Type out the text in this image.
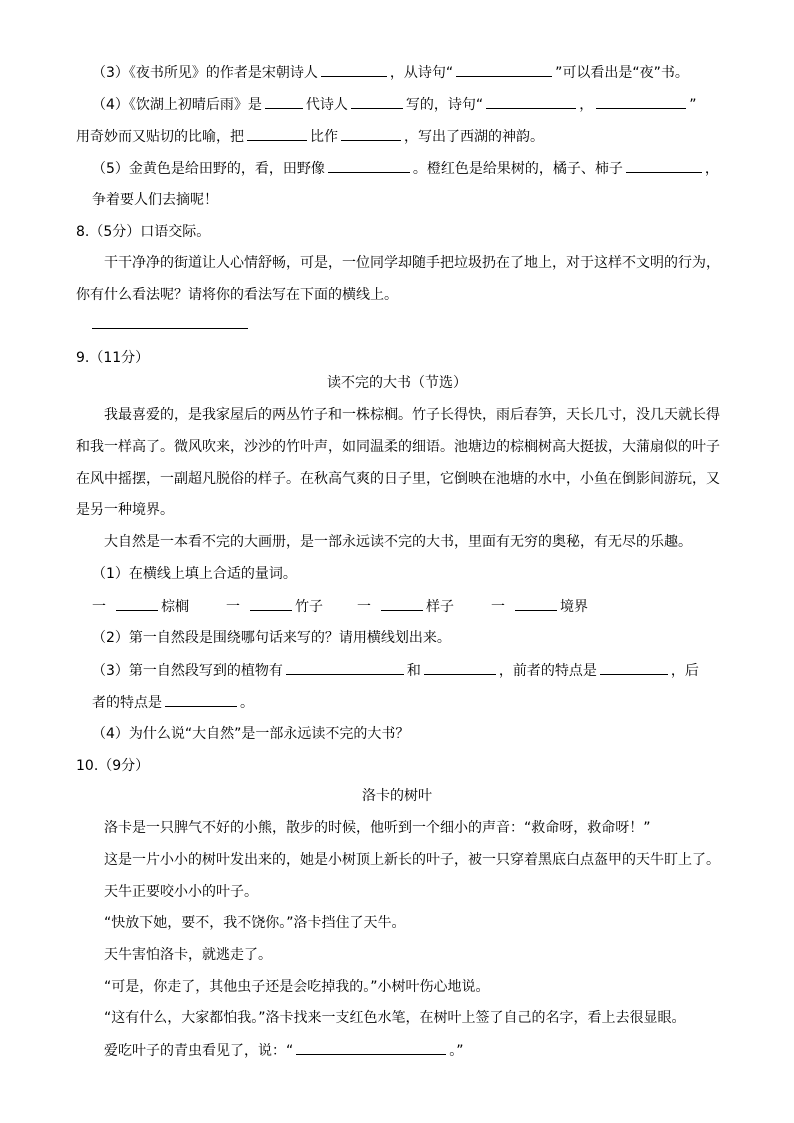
（3）《夜书所见》的作者是宋朝诗人	，从诗句“	”可以看出是“夜”书。
（4）《饮湖上初晴后雨》是	代诗人	写的，诗句“	，	”
用奇妙而又贴切的比喻，把	比作	，写出了西湖的神韵。
（5）金黄色是给田野的，看，田野像	。橙红色是给果树的，橘子、柿子	，
争着要人们去摘呢！
8.（5分）口语交际。
干干净净的街道让人心情舒畅，可是，一位同学却随手把垃圾扔在了地上，对于这样不文明的行为，
你有什么看法呢？请将你的看法写在下面的横线上。
9.（11分）
读不完的大书（节选）
我最喜爱的，是我家屋后的两丛竹子和一株棕榈。竹子长得快，雨后春笋，天长几寸，没几天就长得
和我一样高了。微风吹来，沙沙的竹叶声，如同温柔的细语。池塘边的棕榈树高大挺拔，大蒲扇似的叶子
在风中摇摆，一副超凡脱俗的样子。在秋高气爽的日子里，它倒映在池塘的水中，小鱼在倒影间游玩，又
是另一种境界。
大自然是一本看不完的大画册，是一部永远读不完的大书，里面有无穷的奥秘，有无尽的乐趣。
（1）在横线上填上合适的量词。
一	棕榈	一	竹子 一	样子	一	境界
（2）第一自然段是围绕哪句话来写的？请用横线划出来。
（3）第一自然段写到的植物有	和	，前者的特点是	，后
者的特点是	。
（4）为什么说“大自然”是一部永远读不完的大书？
10.（9分）
洛卡的树叶
洛卡是一只脾气不好的小熊，散步的时候，他听到一个细小的声音：“救命呀，救命呀！”
这是一片小小的树叶发出来的，她是小树顶上新长的叶子，被一只穿着黑底白点盔甲的天牛盯上了。
天牛正要咬小小的叶子。
“快放下她，要不，我不饶你。”洛卡挡住了天牛。
天牛害怕洛卡，就逃走了。
“可是，你走了，其他虫子还是会吃掉我的。”小树叶伤心地说。
“这有什么，大家都怕我。”洛卡找来一支红色水笔，在树叶上签了自己的名字，看上去很显眼。
爱吃叶子的青虫看见了，说：“	。”
